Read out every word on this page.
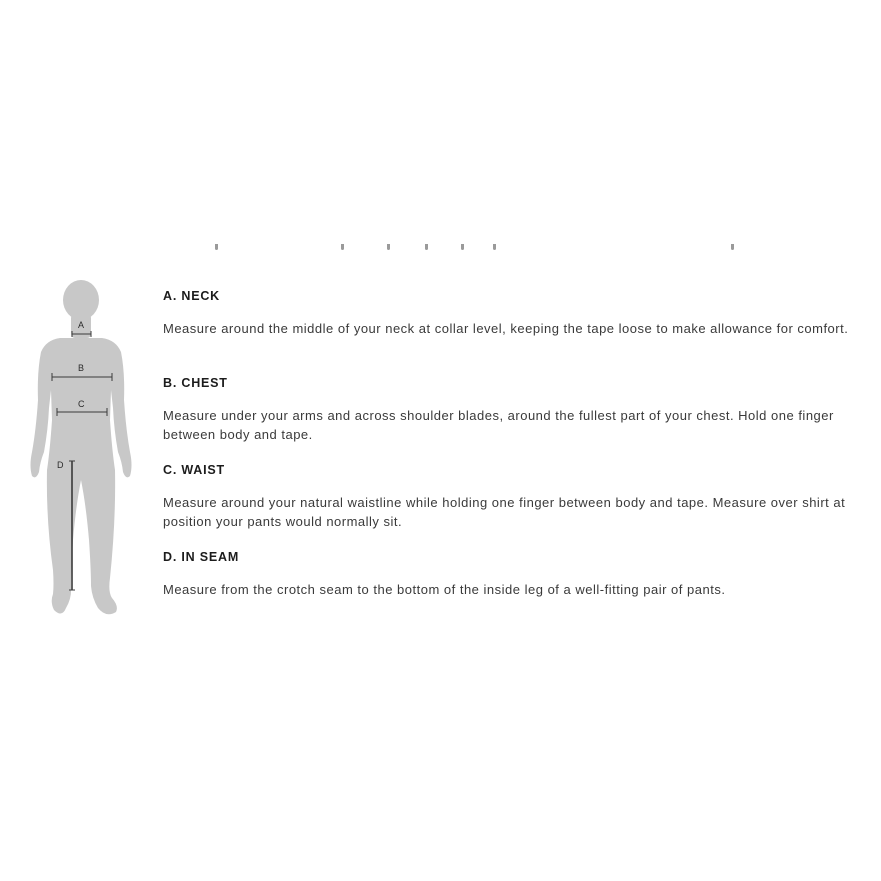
A
B
C
D
A. NECK

Measure around the middle of your neck at collar level, keeping the tape loose to make allowance for comfort.

B. CHEST

Measure under your arms and across shoulder blades, around the fullest part of your chest. Hold one finger between body and tape.

C. WAIST

Measure around your natural waistline while holding one finger between body and tape. Measure over shirt at position your pants would normally sit.

D. IN SEAM

Measure from the crotch seam to the bottom of the inside leg of a well-fitting pair of pants.
